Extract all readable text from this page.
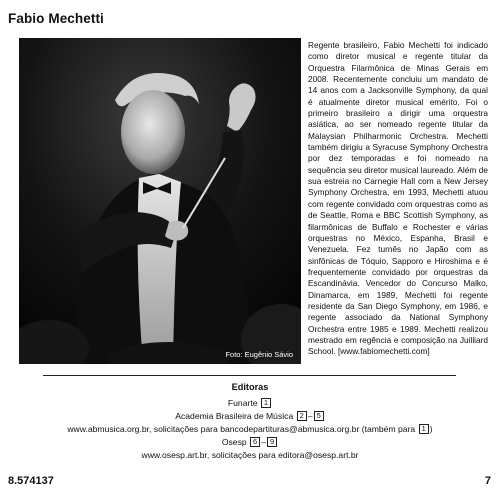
Fabio Mechetti
Foto: Eugênio Sávio
Regente brasileiro, Fabio Mechetti foi indicado como diretor musical e regente titular da Orquestra Filarmônica de Minas Gerais em 2008. Recentemente concluiu um mandato de 14 anos com a Jacksonville Symphony, da qual é atualmente diretor musical emérito. Foi o primeiro brasileiro a dirigir uma orquestra asiática, ao ser nomeado regente titular da Malaysian Philharmonic Orchestra. Mechetti também dirigiu a Syracuse Symphony Orchestra por dez temporadas e foi nomeado na sequência seu diretor musical laureado. Além de sua estreia no Carnegie Hall com a New Jersey Symphony Orchestra, em 1993, Mechetti atuou com regente convidado com orquestras como as de Seattle, Roma e BBC Scottish Symphony, as filarmônicas de Buffalo e Rochester e várias orquestras no México, Espanha, Brasil e Venezuela. Fez turnês no Japão com as sinfônicas de Tóquio, Sapporo e Hiroshima e é frequentemente convidado por orquestras da Escandinávia. Vencedor do Concurso Malko, Dinamarca, em 1989, Mechetti foi regente residente da San Diego Symphony, em 1986, e regente associado da National Symphony Orchestra entre 1985 e 1989. Mechetti realizou mestrado em regência e composição na Juilliard School. [www.fabiomechetti.com]
Editoras
Funarte 1
Academia Brasileira de Música 2 – 5
www.abmusica.org.br, solicitações para bancodepartituras@abmusica.org.br (também para 1 )
Osesp 6 – 9
www.osesp.art.br, solicitações para editora@osesp.art.br
8.574137	7
